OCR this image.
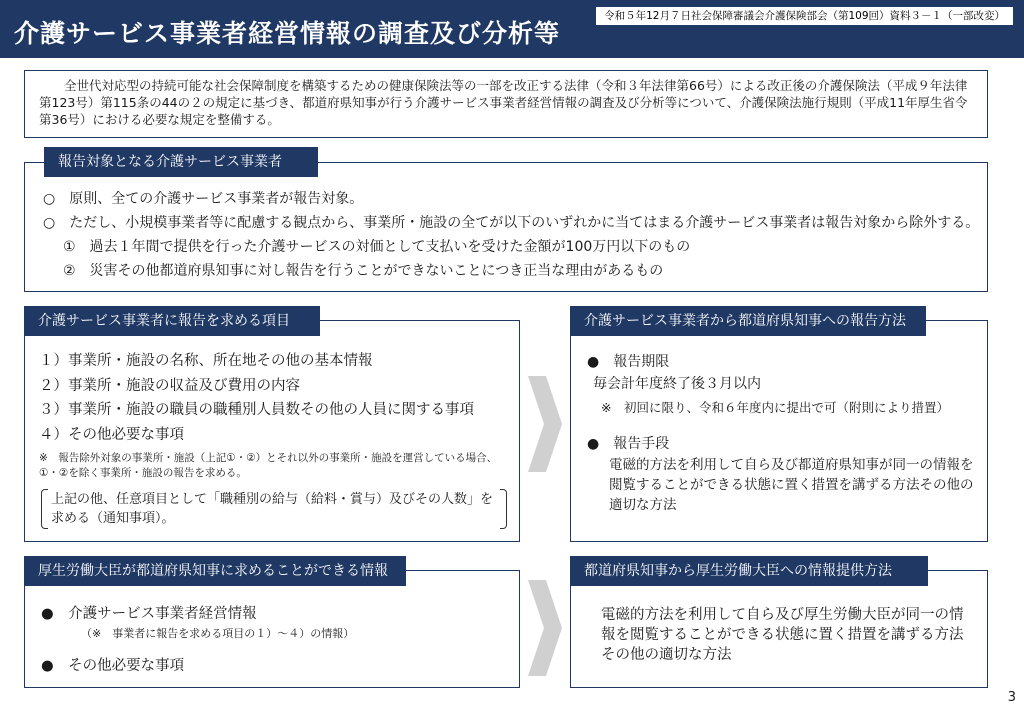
介護サービス事業者経営情報の調査及び分析等
令和５年12月７日社会保障審議会介護保険部会（第109回）資料３－１（一部改変）
全世代対応型の持続可能な社会保障制度を構築するための健康保険法等の一部を改正する法律（令和３年法律第66号）による改正後の介護保険法（平成９年法律第123号）第115条の44の２の規定に基づき、都道府県知事が行う介護サービス事業者経営情報の調査及び分析等について、介護保険法施行規則（平成11年厚生省令第36号）における必要な規定を整備する。
○　原則、全ての介護サービス事業者が報告対象。
○　ただし、小規模事業者等に配慮する観点から、事業所・施設の全てが以下のいずれかに当てはまる介護サービス事業者は報告対象から除外する。
①　過去１年間で提供を行った介護サービスの対価として支払いを受けた金額が100万円以下のもの
②　災害その他都道府県知事に対し報告を行うことができないことにつき正当な理由があるもの
報告対象となる介護サービス事業者
１）事業所・施設の名称、所在地その他の基本情報
２）事業所・施設の収益及び費用の内容
３）事業所・施設の職員の職種別人員数その他の人員に関する事項
４）その他必要な事項
※　報告除外対象の事業所・施設（上記①・②）とそれ以外の事業所・施設を運営している場合、①・②を除く事業所・施設の報告を求める。
上記の他、任意項目として「職種別の給与（給料・賞与）及びその人数」を求める（通知事項）。
介護サービス事業者に報告を求める項目
●　報告期限
毎会計年度終了後３月以内
※　初回に限り、令和６年度内に提出で可（附則により措置）
●　報告手段
電磁的方法を利用して自ら及び都道府県知事が同一の情報を閲覧することができる状態に置く措置を講ずる方法その他の適切な方法
介護サービス事業者から都道府県知事への報告方法
●　介護サービス事業者経営情報
（※　事業者に報告を求める項目の１）～４）の情報）
●　その他必要な事項
厚生労働大臣が都道府県知事に求めることができる情報
電磁的方法を利用して自ら及び厚生労働大臣が同一の情報を閲覧することができる状態に置く措置を講ずる方法その他の適切な方法
都道府県知事から厚生労働大臣への情報提供方法
3
